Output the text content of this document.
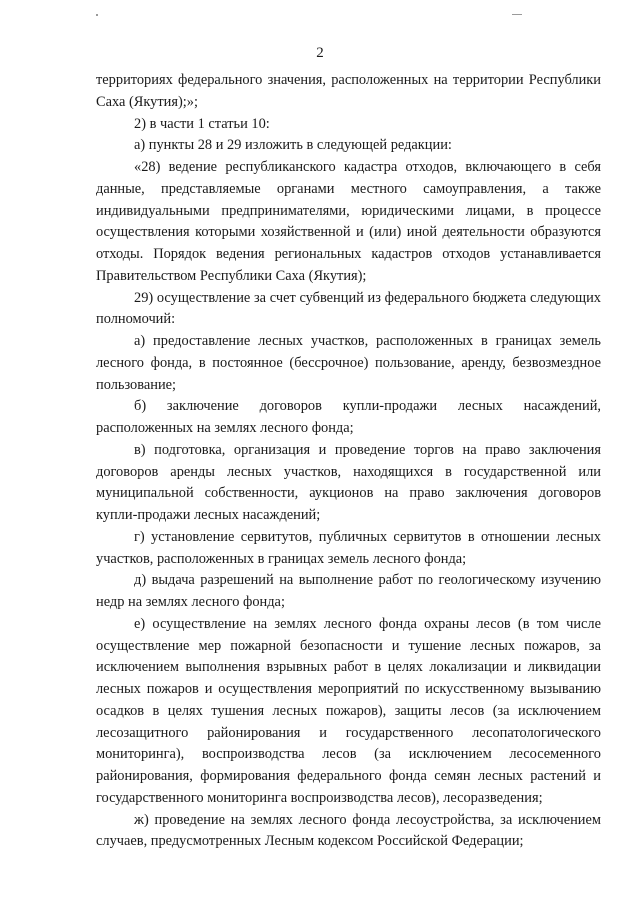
2

территориях федерального значения, расположенных на территории Республики Саха (Якутия);»;

2) в части 1 статьи 10:

а) пункты 28 и 29 изложить в следующей редакции:

«28) ведение республиканского кадастра отходов, включающего в себя данные, представляемые органами местного самоуправления, а также индивидуальными предпринимателями, юридическими лицами, в процессе осуществления которыми хозяйственной и (или) иной деятельности образуются отходы. Порядок ведения региональных кадастров отходов устанавливается Правительством Республики Саха (Якутия);

29) осуществление за счет субвенций из федерального бюджета следующих полномочий:

а) предоставление лесных участков, расположенных в границах земель лесного фонда, в постоянное (бессрочное) пользование, аренду, безвозмездное пользование;

б) заключение договоров купли-продажи лесных насаждений, расположенных на землях лесного фонда;

в) подготовка, организация и проведение торгов на право заключения договоров аренды лесных участков, находящихся в государственной или муниципальной собственности, аукционов на право заключения договоров купли-продажи лесных насаждений;

г) установление сервитутов, публичных сервитутов в отношении лесных участков, расположенных в границах земель лесного фонда;

д) выдача разрешений на выполнение работ по геологическому изучению недр на землях лесного фонда;

е) осуществление на землях лесного фонда охраны лесов (в том числе осуществление мер пожарной безопасности и тушение лесных пожаров, за исключением выполнения взрывных работ в целях локализации и ликвидации лесных пожаров и осуществления мероприятий по искусственному вызыванию осадков в целях тушения лесных пожаров), защиты лесов (за исключением лесозащитного районирования и государственного лесопатологического мониторинга), воспроизводства лесов (за исключением лесосеменного районирования, формирования федерального фонда семян лесных растений и государственного мониторинга воспроизводства лесов), лесоразведения;

ж) проведение на землях лесного фонда лесоустройства, за исключением случаев, предусмотренных Лесным кодексом Российской Федерации;
